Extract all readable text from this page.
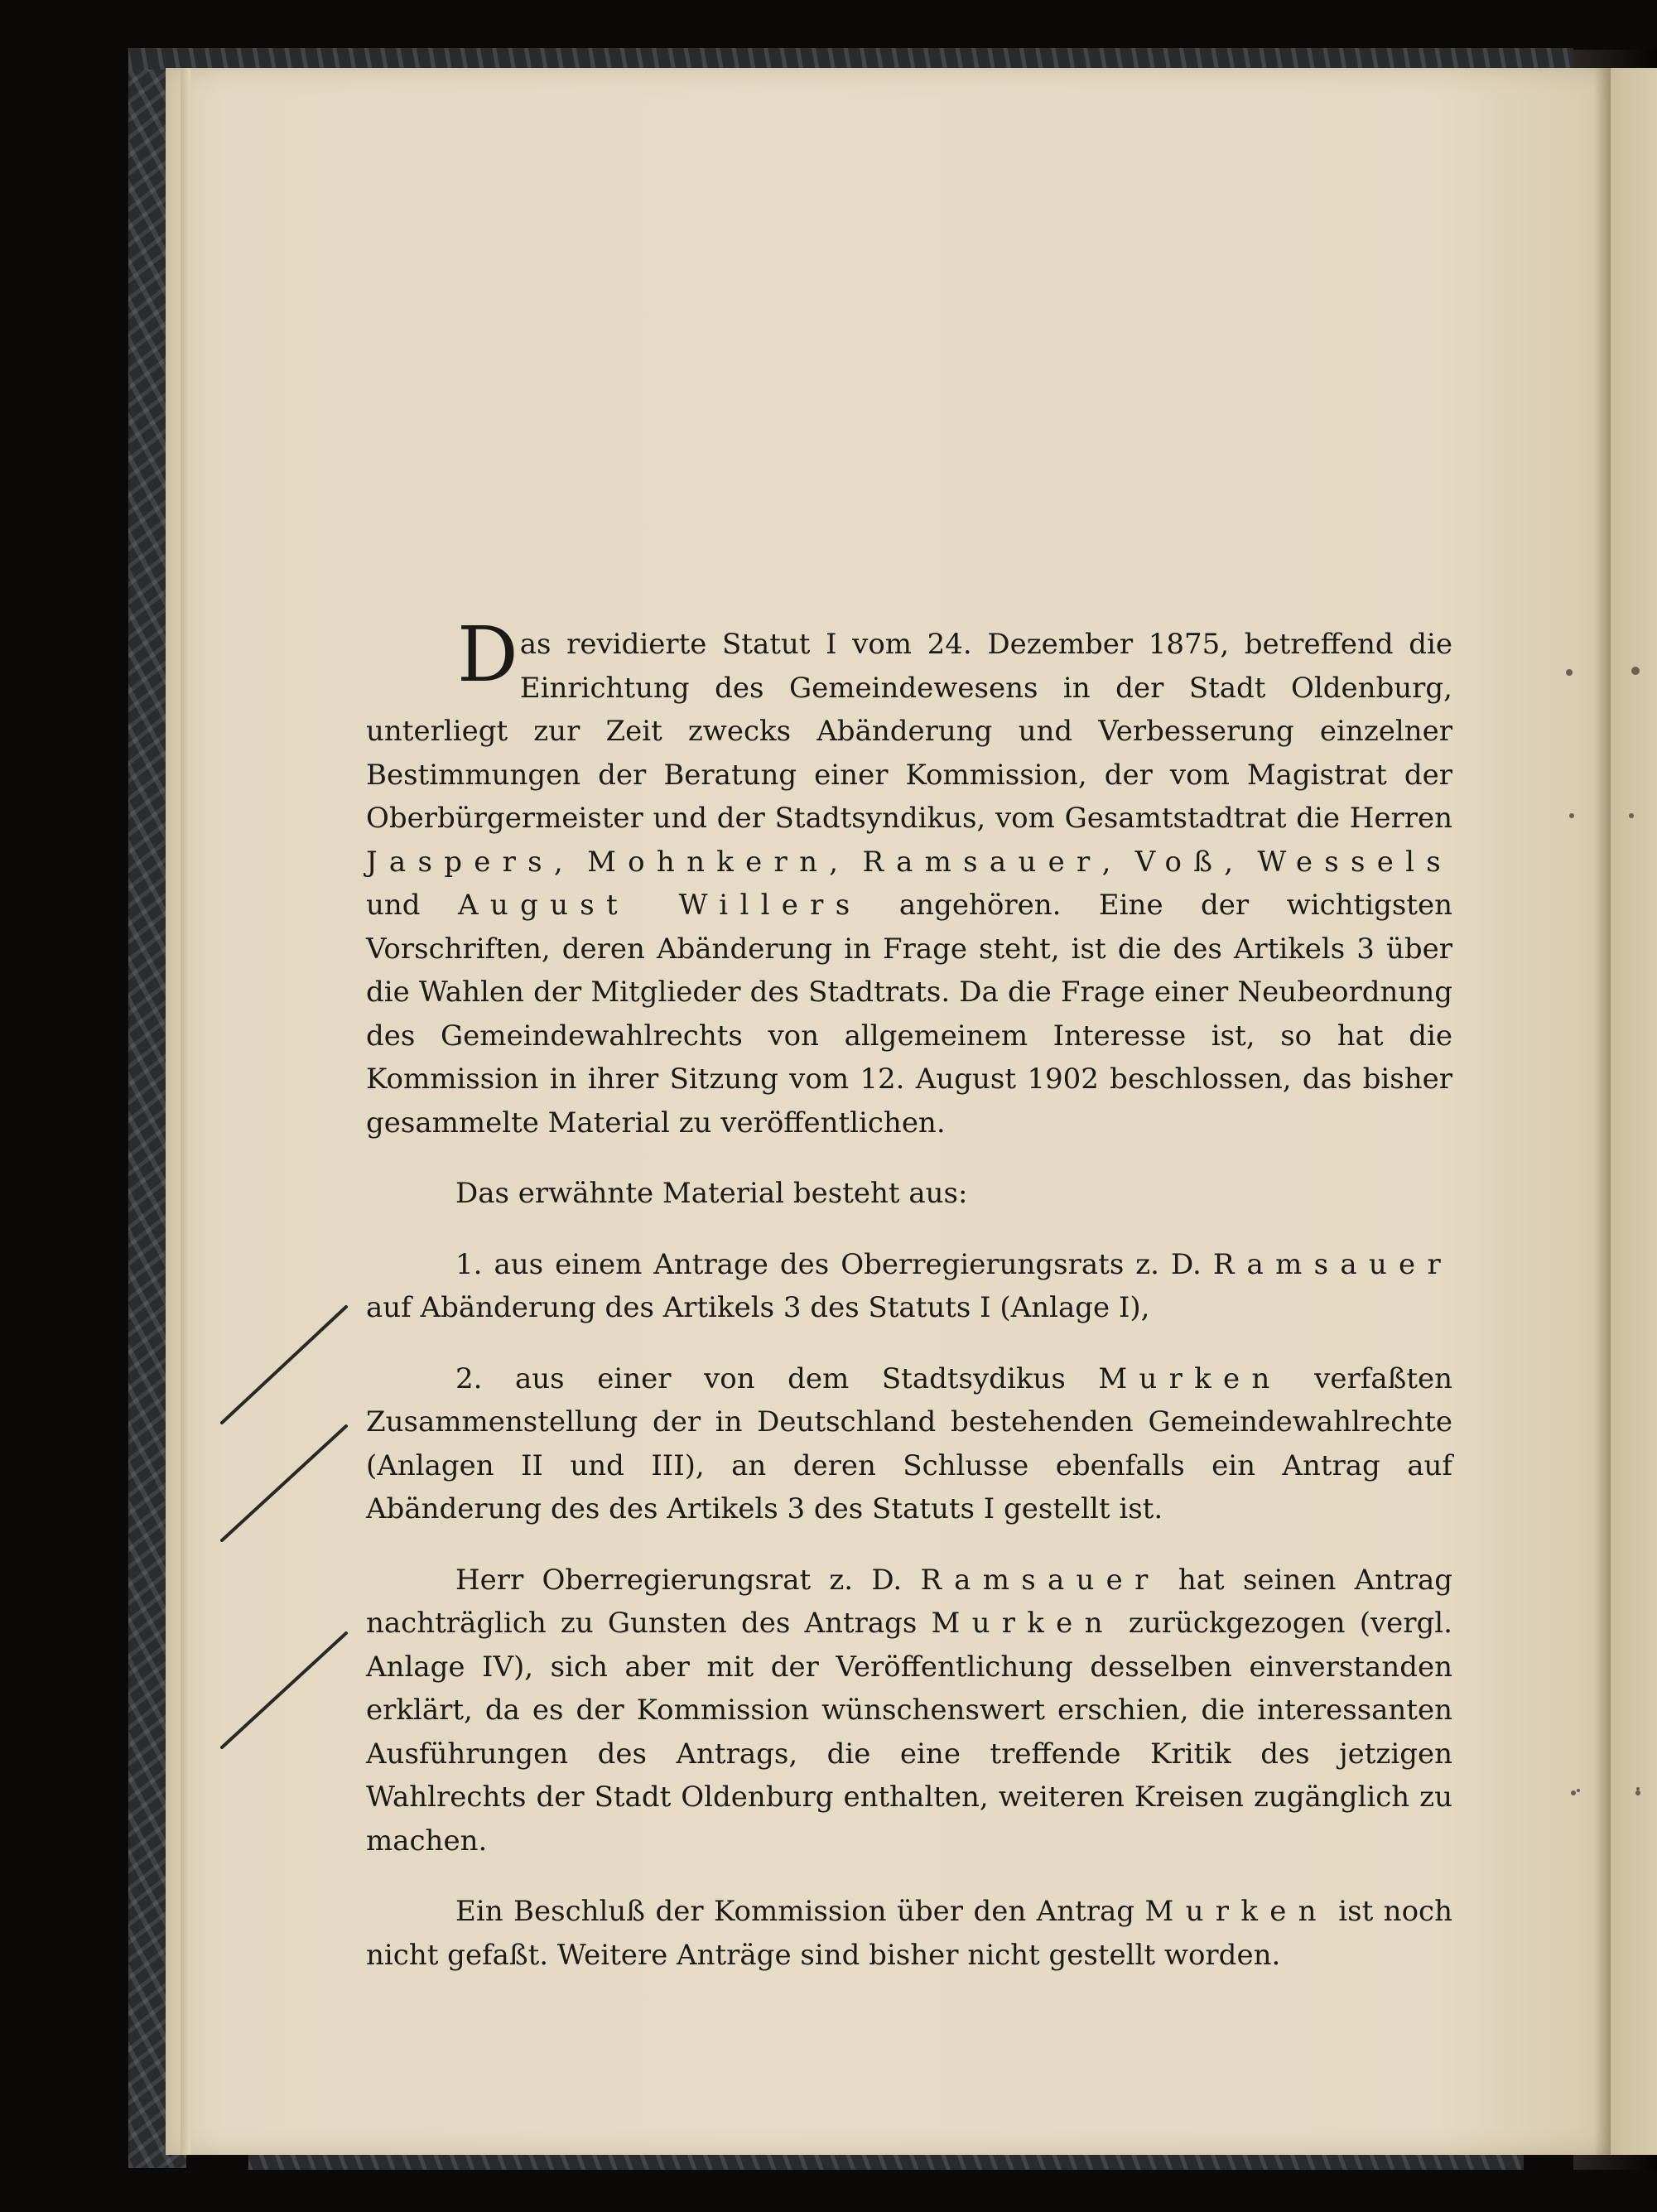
Das revidierte Statut I vom 24. Dezember 1875, betreffend die Einrichtung des Gemeindewesens in der Stadt Oldenburg, unterliegt zur Zeit zwecks Abänderung und Verbesserung einzelner Bestimmungen der Beratung einer Kommission, der vom Magistrat der Oberbürgermeister und der Stadtsyndikus, vom Gesamtstadtrat die Herren Jaspers, Mohnkern, Ramsauer, Voß, Wessels und August Willers angehören. Eine der wichtigsten Vorschriften, deren Abänderung in Frage steht, ist die des Artikels 3 über die Wahlen der Mitglieder des Stadtrats. Da die Frage einer Neubeordnung des Gemeindewahlrechts von allgemeinem Interesse ist, so hat die Kommission in ihrer Sitzung vom 12. August 1902 beschlossen, das bisher gesammelte Material zu veröffentlichen.

Das erwähnte Material besteht aus:

1. aus einem Antrage des Oberregierungsrats z. D. Ramsauer auf Abänderung des Artikels 3 des Statuts I (Anlage I),

2. aus einer von dem Stadtsydikus Murken verfaßten Zusammenstellung der in Deutschland bestehenden Gemeindewahlrechte (Anlagen II und III), an deren Schlusse ebenfalls ein Antrag auf Abänderung des des Artikels 3 des Statuts I gestellt ist.

Herr Oberregierungsrat z. D. Ramsauer hat seinen Antrag nachträglich zu Gunsten des Antrags Murken zurückgezogen (vergl. Anlage IV), sich aber mit der Veröffentlichung desselben einverstanden erklärt, da es der Kommission wünschenswert erschien, die interessanten Ausführungen des Antrags, die eine treffende Kritik des jetzigen Wahlrechts der Stadt Oldenburg enthalten, weiteren Kreisen zugänglich zu machen.

Ein Beschluß der Kommission über den Antrag Murken ist noch nicht gefaßt. Weitere Anträge sind bisher nicht gestellt worden.
